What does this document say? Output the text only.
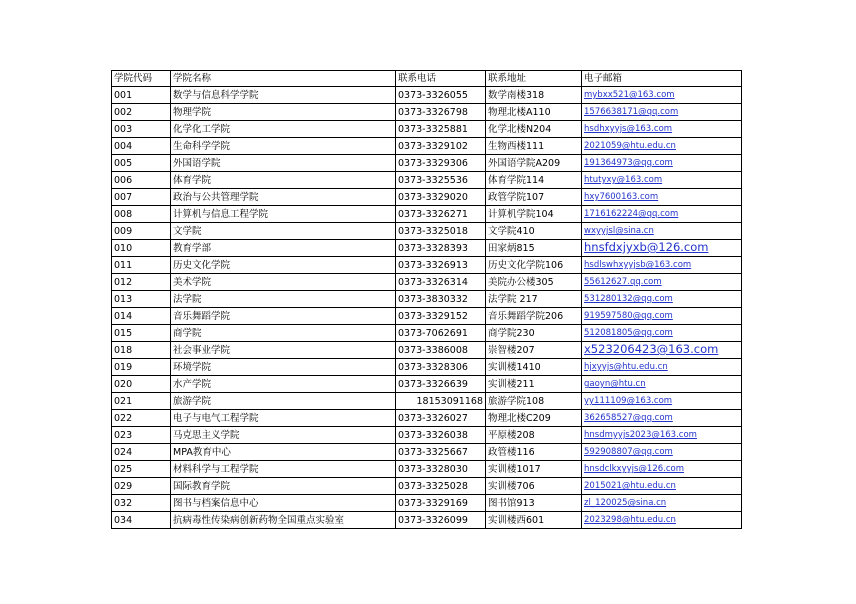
学院代码	学院名称	联系电话	联系地址	电子邮箱
001	数学与信息科学学院	0373-3326055	数学南楼318	mybxx521@163.com
002	物理学院	0373-3326798	物理北楼A110	1576638171@qq.com
003	化学化工学院	0373-3325881	化学北楼N204	hsdhxyyjs@163.com
004	生命科学学院	0373-3329102	生物西楼111	2021059@htu.edu.cn
005	外国语学院	0373-3329306	外国语学院A209	191364973@qq.com
006	体育学院	0373-3325536	体育学院114	htutyxy@163.com
007	政治与公共管理学院	0373-3329020	政管学院107	hxy7600163.com
008	计算机与信息工程学院	0373-3326271	计算机学院104	1716162224@qq.com
009	文学院	0373-3325018	文学院410	wxyyjsl@sina.cn
010	教育学部	0373-3328393	田家炳815	hnsfdxjyxb@126.com
011	历史文化学院	0373-3326913	历史文化学院106	hsdlswhxyyjsb@163.com
012	美术学院	0373-3326314	美院办公楼305	55612627.qq.com
013	法学院	0373-3830332	法学院 217	531280132@qq.com
014	音乐舞蹈学院	0373-3329152	音乐舞蹈学院206	919597580@qq.com
015	商学院	0373-7062691	商学院230	512081805@qq.com
018	社会事业学院	0373-3386008	崇智楼207	x523206423@163.com
019	环境学院	0373-3328306	实训楼1410	hjxyyjs@htu.edu.cn
020	水产学院	0373-3326639	实训楼211	gaoyn@htu.cn
021	旅游学院	18153091168	旅游学院108	yy111109@163.com
022	电子与电气工程学院	0373-3326027	物理北楼C209	362658527@qq.com
023	马克思主义学院	0373-3326038	平原楼208	hnsdmyyjs2023@163.com
024	MPA教育中心	0373-3325667	政管楼116	592908807@qq.com
025	材料科学与工程学院	0373-3328030	实训楼1017	hnsdclkxyyjs@126.com
029	国际教育学院	0373-3325028	实训楼706	2015021@htu.edu.cn
032	图书与档案信息中心	0373-3329169	图书馆913	zl_120025@sina.cn
034	抗病毒性传染病创新药物全国重点实验室	0373-3326099	实训楼西601	2023298@htu.edu.cn
